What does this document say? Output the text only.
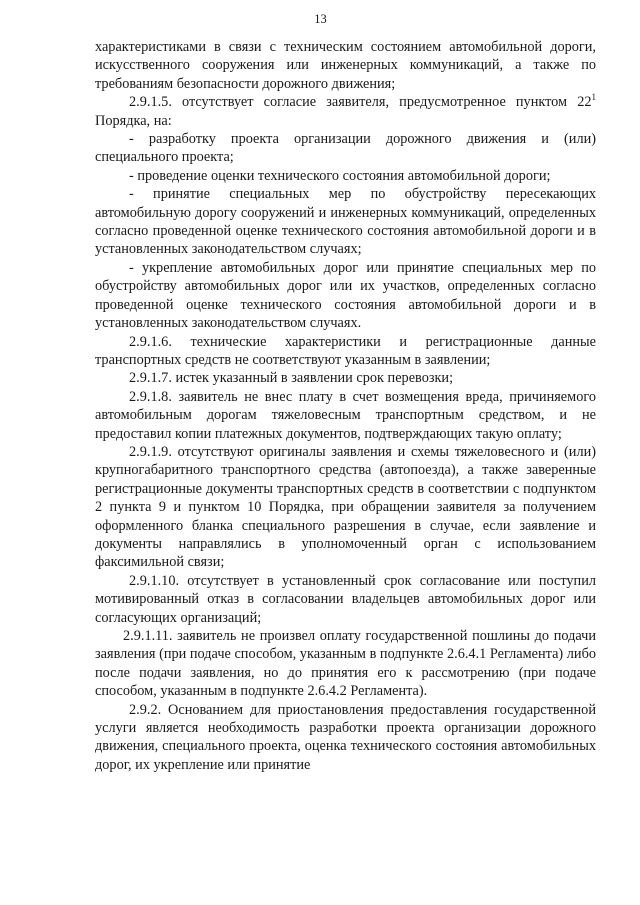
13

характеристиками в связи с техническим состоянием автомобильной дороги, искусственного сооружения или инженерных коммуникаций, а также по требованиям безопасности дорожного движения;

2.9.1.5. отсутствует согласие заявителя, предусмотренное пунктом $22^1$ Порядка, на:

- разработку проекта организации дорожного движения и (или) специального проекта;

- проведение оценки технического состояния автомобильной дороги;

- принятие специальных мер по обустройству пересекающих автомобильную дорогу сооружений и инженерных коммуникаций, определенных согласно проведенной оценке технического состояния автомобильной дороги и в установленных законодательством случаях;

- укрепление автомобильных дорог или принятие специальных мер по обустройству автомобильных дорог или их участков, определенных согласно проведенной оценке технического состояния автомобильной дороги и в установленных законодательством случаях.

2.9.1.6. технические характеристики и регистрационные данные транспортных средств не соответствуют указанным в заявлении;

2.9.1.7. истек указанный в заявлении срок перевозки;

2.9.1.8. заявитель не внес плату в счет возмещения вреда, причиняемого автомобильным дорогам тяжеловесным транспортным средством, и не предоставил копии платежных документов, подтверждающих такую оплату;

2.9.1.9. отсутствуют оригиналы заявления и схемы тяжеловесного и (или) крупногабаритного транспортного средства (автопоезда), а также заверенные регистрационные документы транспортных средств в соответствии с подпунктом 2 пункта 9 и пунктом 10 Порядка, при обращении заявителя за получением оформленного бланка специального разрешения в случае, если заявление и документы направлялись в уполномоченный орган с использованием факсимильной связи;

2.9.1.10. отсутствует в установленный срок согласование или поступил мотивированный отказ в согласовании владельцев автомобильных дорог или согласующих организаций;

2.9.1.11. заявитель не произвел оплату государственной пошлины до подачи заявления (при подаче способом, указанным в подпункте 2.6.4.1 Регламента) либо после подачи заявления, но до принятия его к рассмотрению (при подаче способом, указанным в подпункте 2.6.4.2 Регламента).

2.9.2. Основанием для приостановления предоставления государственной услуги является необходимость разработки проекта организации дорожного движения, специального проекта, оценка технического состояния автомобильных дорог, их укрепление или принятие
